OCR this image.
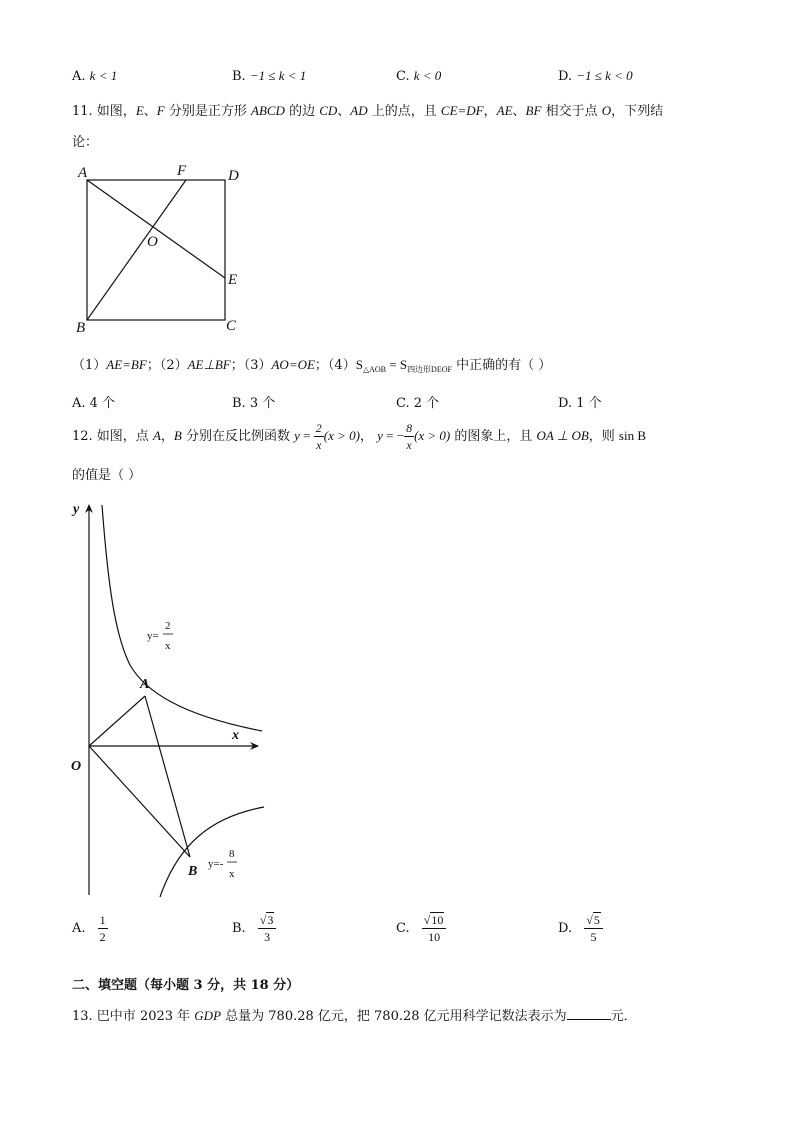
A. k < 1	B. −1 ≤ k < 1	C. k < 0	D. −1 ≤ k < 0
11. 如图，E、F 分别是正方形 ABCD 的边 CD、AD 上的点，且 CE=DF，AE、BF 相交于点 O，下列结
论：
A	F	D
O
E
B	C
（1）AE=BF；（2）AE⊥BF；（3）AO=OE；$(4)S_{\triangle AOB} = S_{四边形DEOF}$ 中正确的有（ ）
A. 4 个	B. 3 个	C. 2 个	D. 1 个
12. 如图，点 A，B 分别在反比例函数 $y = \frac{2}{x} (x > 0)$， y = − $\frac{8}{x} (x > 0)$ 的图象上，且 OA ⊥ OB，则 sin B
的值是（ ）
y
x
O
A
B
y=
2
x
y=-
8
x
A. $\frac{1}{2}$	B. $\frac{√3}{3}$	C. $\frac{√10}{10}$	D. $\frac{√5}{5}$
二、填空题（每小题 3 分，共 18 分）
13. 巴中市 2023 年 GDP 总量为 780.28 亿元，把 780.28 亿元用科学记数法表示为	元．
